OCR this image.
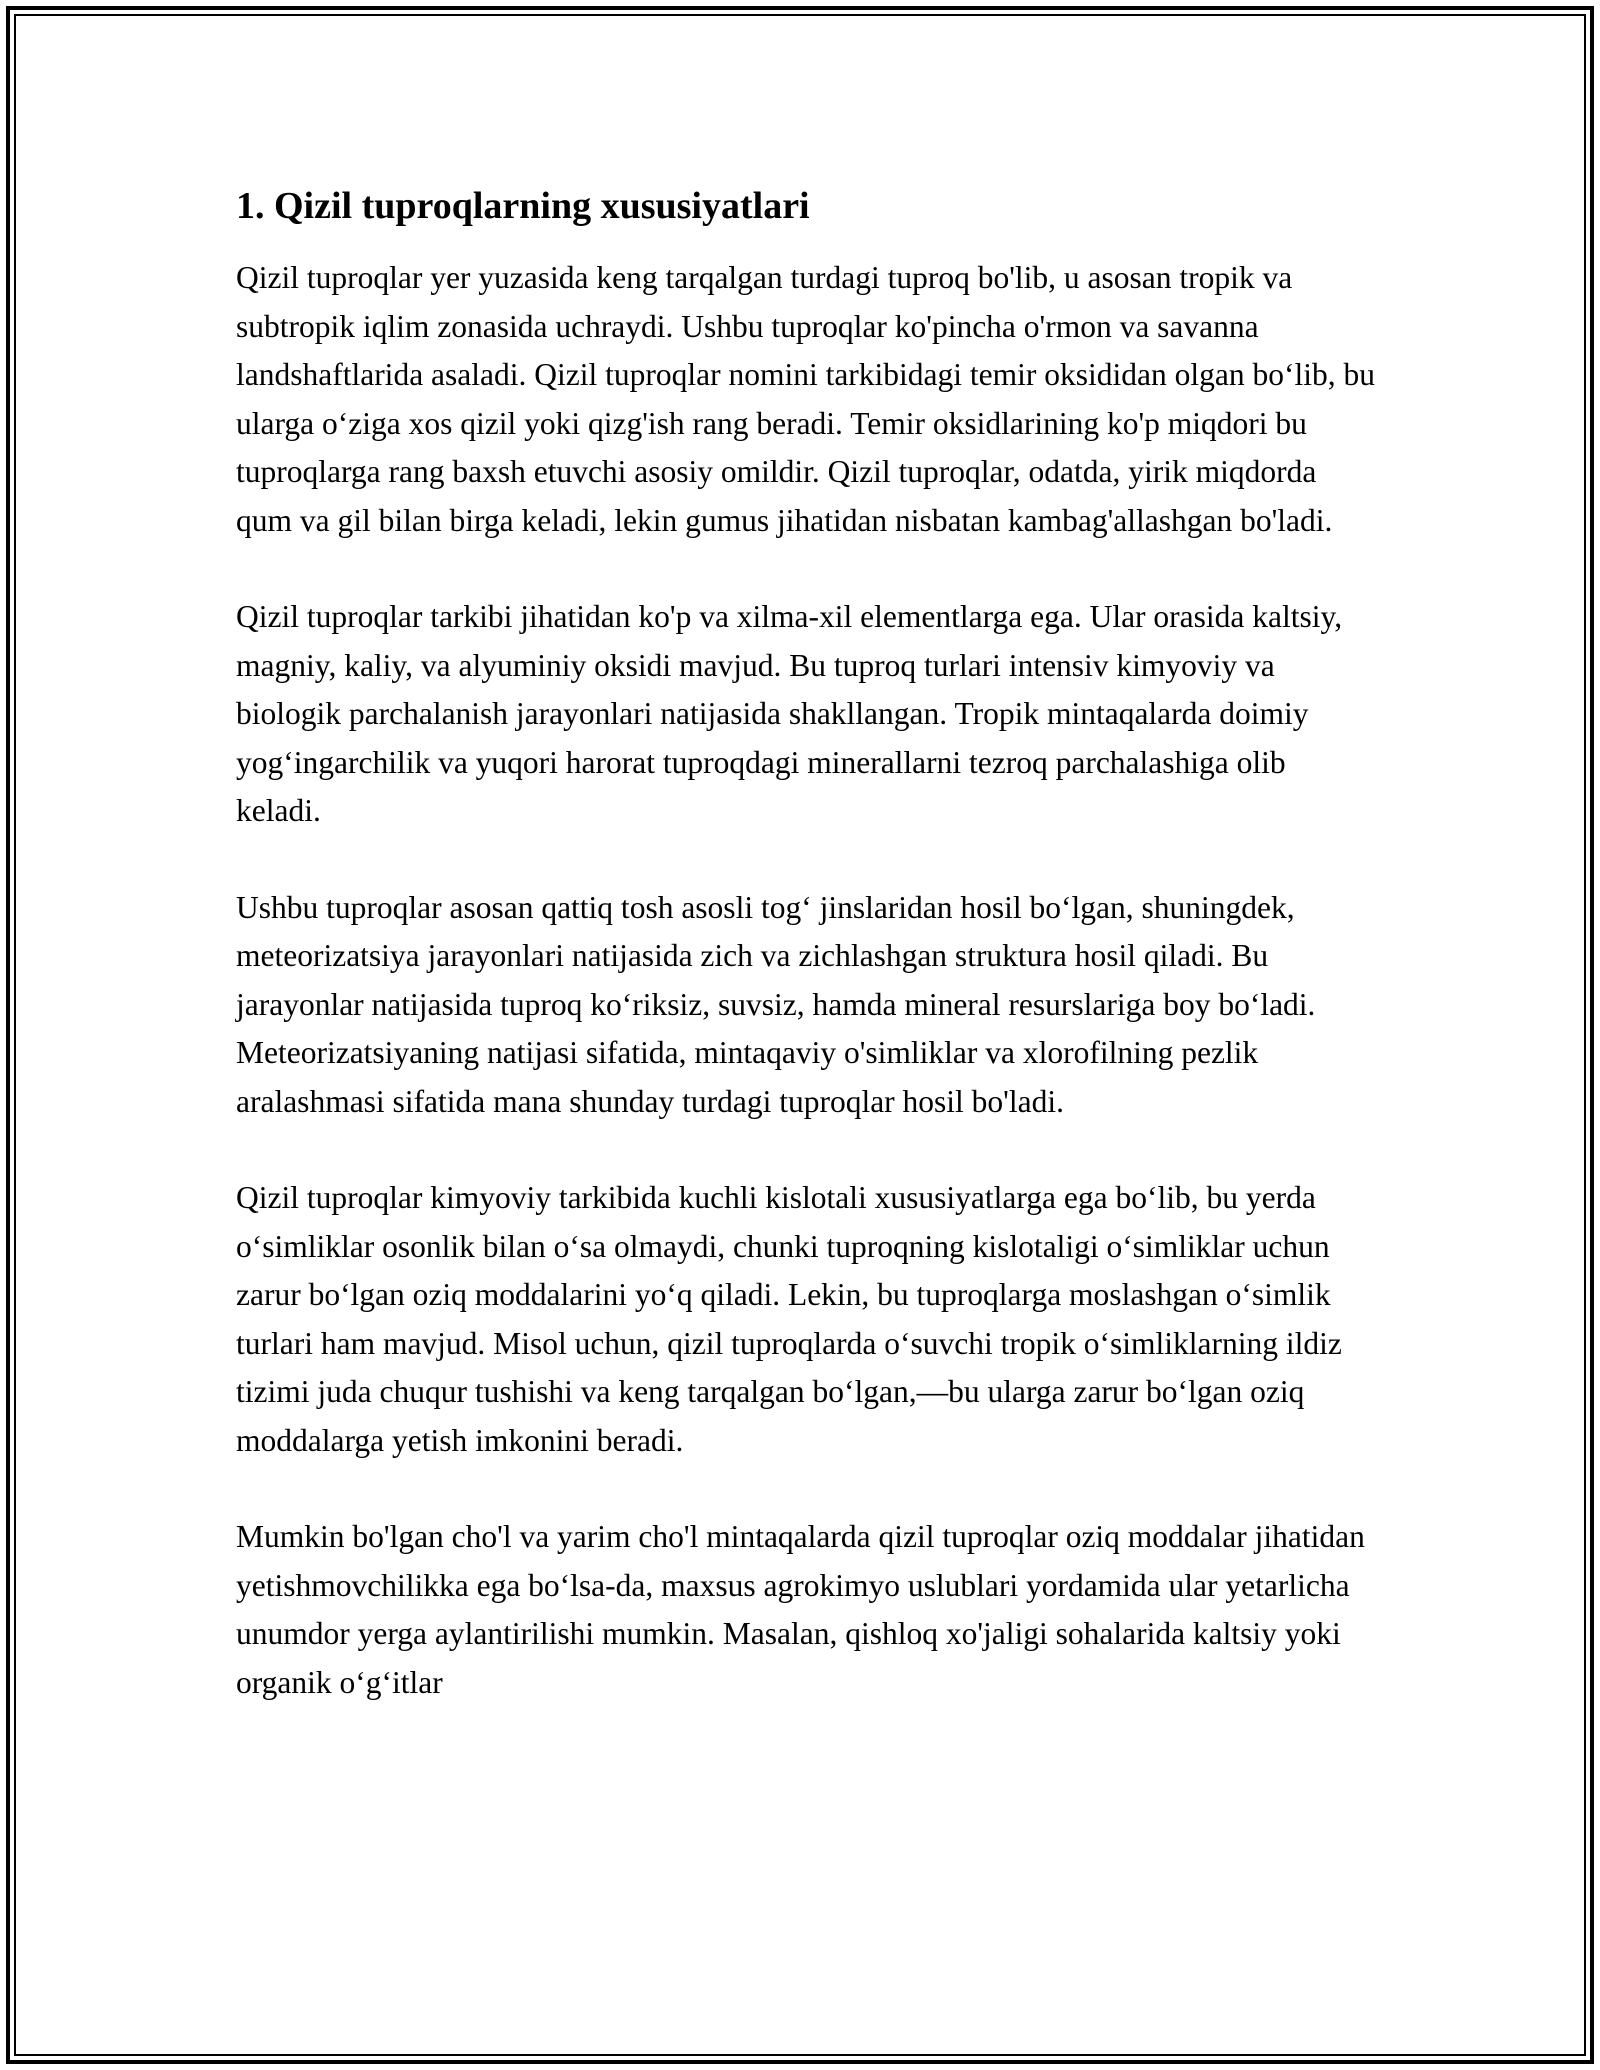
1. Qizil tuproqlarning xususiyatlari

Qizil tuproqlar yer yuzasida keng tarqalgan turdagi tuproq bo'lib, u asosan tropik va subtropik iqlim zonasida uchraydi. Ushbu tuproqlar ko'pincha o'rmon va savanna landshaftlarida asaladi. Qizil tuproqlar nomini tarkibidagi temir oksididan olgan bo‘lib, bu ularga o‘ziga xos qizil yoki qizg'ish rang beradi. Temir oksidlarining ko'p miqdori bu tuproqlarga rang baxsh etuvchi asosiy omildir. Qizil tuproqlar, odatda, yirik miqdorda qum va gil bilan birga keladi, lekin gumus jihatidan nisbatan kambag'allashgan bo'ladi.

Qizil tuproqlar tarkibi jihatidan ko'p va xilma-xil elementlarga ega. Ular orasida kaltsiy, magniy, kaliy, va alyuminiy oksidi mavjud. Bu tuproq turlari intensiv kimyoviy va biologik parchalanish jarayonlari natijasida shakllangan. Tropik mintaqalarda doimiy yog‘ingarchilik va yuqori harorat tuproqdagi minerallarni tezroq parchalashiga olib keladi.

Ushbu tuproqlar asosan qattiq tosh asosli tog‘ jinslaridan hosil bo‘lgan, shuningdek, meteorizatsiya jarayonlari natijasida zich va zichlashgan struktura hosil qiladi. Bu jarayonlar natijasida tuproq ko‘riksiz, suvsiz, hamda mineral resurslariga boy bo‘ladi. Meteorizatsiyaning natijasi sifatida, mintaqaviy o'simliklar va xlorofilning pezlik aralashmasi sifatida mana shunday turdagi tuproqlar hosil bo'ladi.

Qizil tuproqlar kimyoviy tarkibida kuchli kislotali xususiyatlarga ega bo‘lib, bu yerda o‘simliklar osonlik bilan o‘sa olmaydi, chunki tuproqning kislotaligi o‘simliklar uchun zarur bo‘lgan oziq moddalarini yo‘q qiladi. Lekin, bu tuproqlarga moslashgan o‘simlik turlari ham mavjud. Misol uchun, qizil tuproqlarda o‘suvchi tropik o‘simliklarning ildiz tizimi juda chuqur tushishi va keng tarqalgan bo‘lgan,—bu ularga zarur bo‘lgan oziq moddalarga yetish imkonini beradi.

Mumkin bo'lgan cho'l va yarim cho'l mintaqalarda qizil tuproqlar oziq moddalar jihatidan yetishmovchilikka ega bo‘lsa-da, maxsus agrokimyo uslublari yordamida ular yetarlicha unumdor yerga aylantirilishi mumkin. Masalan, qishloq xo'jaligi sohalarida kaltsiy yoki organik o‘g‘itlar
